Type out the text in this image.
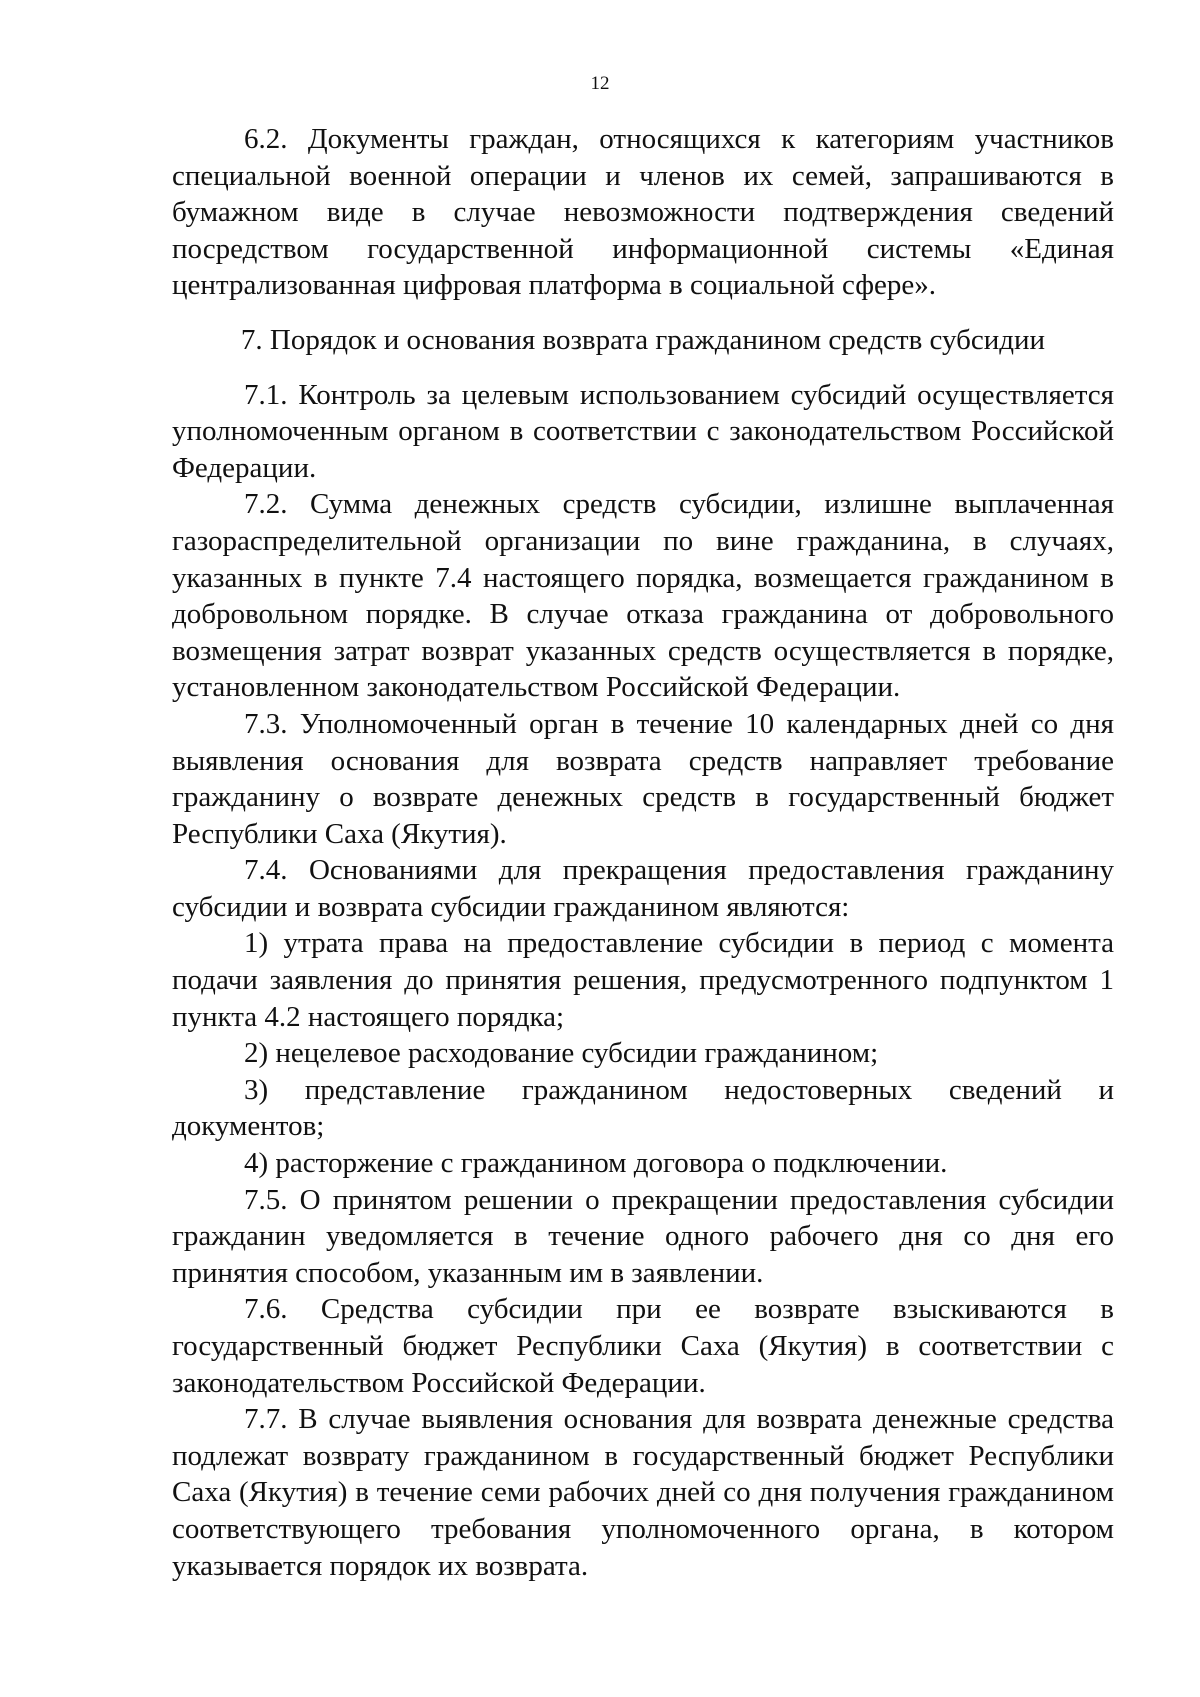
12

6.2. Документы граждан, относящихся к категориям участников специальной военной операции и членов их семей, запрашиваются в бумажном виде в случае невозможности подтверждения сведений посредством государственной информационной системы «Единая централизованная цифровая платформа в социальной сфере».

7. Порядок и основания возврата гражданином средств субсидии

7.1. Контроль за целевым использованием субсидий осуществляется уполномоченным органом в соответствии с законодательством Российской Федерации.

7.2. Сумма денежных средств субсидии, излишне выплаченная газораспределительной организации по вине гражданина, в случаях, указанных в пункте 7.4 настоящего порядка, возмещается гражданином в добровольном порядке. В случае отказа гражданина от добровольного возмещения затрат возврат указанных средств осуществляется в порядке, установленном законодательством Российской Федерации.

7.3. Уполномоченный орган в течение 10 календарных дней со дня выявления основания для возврата средств направляет требование гражданину о возврате денежных средств в государственный бюджет Республики Саха (Якутия).

7.4. Основаниями для прекращения предоставления гражданину субсидии и возврата субсидии гражданином являются:

1) утрата права на предоставление субсидии в период с момента подачи заявления до принятия решения, предусмотренного подпунктом 1 пункта 4.2 настоящего порядка;

2) нецелевое расходование субсидии гражданином;

3) представление гражданином недостоверных сведений и документов;

4) расторжение с гражданином договора о подключении.

7.5. О принятом решении о прекращении предоставления субсидии гражданин уведомляется в течение одного рабочего дня со дня его принятия способом, указанным им в заявлении.

7.6. Средства субсидии при ее возврате взыскиваются в государственный бюджет Республики Саха (Якутия) в соответствии с законодательством Российской Федерации.

7.7. В случае выявления основания для возврата денежные средства подлежат возврату гражданином в государственный бюджет Республики Саха (Якутия) в течение семи рабочих дней со дня получения гражданином соответствующего требования уполномоченного органа, в котором указывается порядок их возврата.
